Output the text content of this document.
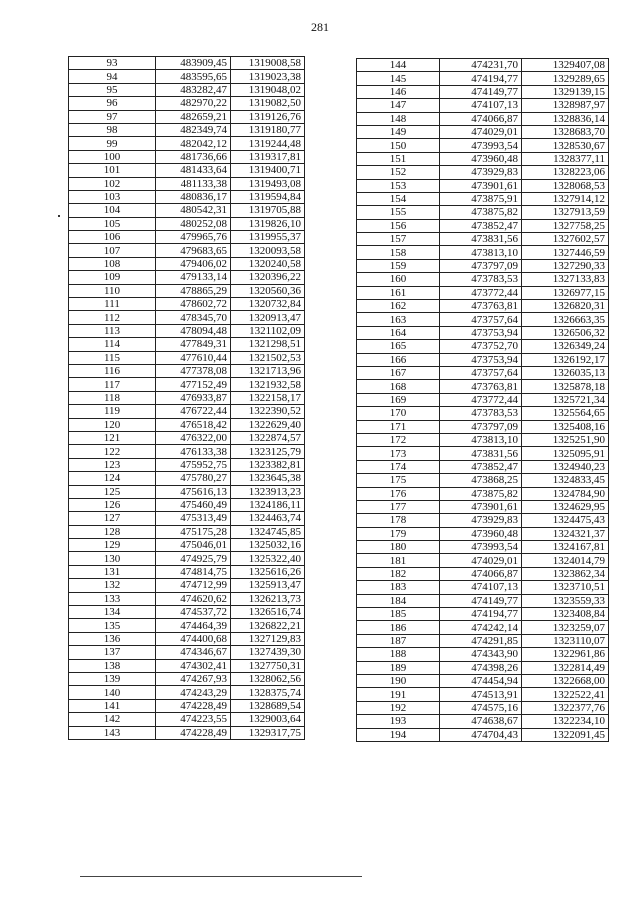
281
93	483909,45	1319008,58
94	483595,65	1319023,38
95	483282,47	1319048,02
96	482970,22	1319082,50
97	482659,21	1319126,76
98	482349,74	1319180,77
99	482042,12	1319244,48
100	481736,66	1319317,81
101	481433,64	1319400,71
102	481133,38	1319493,08
103	480836,17	1319594,84
104	480542,31	1319705,88
105	480252,08	1319826,10
106	479965,76	1319955,37
107	479683,65	1320093,58
108	479406,02	1320240,58
109	479133,14	1320396,22
110	478865,29	1320560,36
111	478602,72	1320732,84
112	478345,70	1320913,47
113	478094,48	1321102,09
114	477849,31	1321298,51
115	477610,44	1321502,53
116	477378,08	1321713,96
117	477152,49	1321932,58
118	476933,87	1322158,17
119	476722,44	1322390,52
120	476518,42	1322629,40
121	476322,00	1322874,57
122	476133,38	1323125,79
123	475952,75	1323382,81
124	475780,27	1323645,38
125	475616,13	1323913,23
126	475460,49	1324186,11
127	475313,49	1324463,74
128	475175,28	1324745,85
129	475046,01	1325032,16
130	474925,79	1325322,40
131	474814,75	1325616,26
132	474712,99	1325913,47
133	474620,62	1326213,73
134	474537,72	1326516,74
135	474464,39	1326822,21
136	474400,68	1327129,83
137	474346,67	1327439,30
138	474302,41	1327750,31
139	474267,93	1328062,56
140	474243,29	1328375,74
141	474228,49	1328689,54
142	474223,55	1329003,64
143	474228,49	1329317,75
144	474231,70	1329407,08
145	474194,77	1329289,65
146	474149,77	1329139,15
147	474107,13	1328987,97
148	474066,87	1328836,14
149	474029,01	1328683,70
150	473993,54	1328530,67
151	473960,48	1328377,11
152	473929,83	1328223,06
153	473901,61	1328068,53
154	473875,91	1327914,12
155	473875,82	1327913,59
156	473852,47	1327758,25
157	473831,56	1327602,57
158	473813,10	1327446,59
159	473797,09	1327290,33
160	473783,53	1327133,83
161	473772,44	1326977,15
162	473763,81	1326820,31
163	473757,64	1326663,35
164	473753,94	1326506,32
165	473752,70	1326349,24
166	473753,94	1326192,17
167	473757,64	1326035,13
168	473763,81	1325878,18
169	473772,44	1325721,34
170	473783,53	1325564,65
171	473797,09	1325408,16
172	473813,10	1325251,90
173	473831,56	1325095,91
174	473852,47	1324940,23
175	473868,25	1324833,45
176	473875,82	1324784,90
177	473901,61	1324629,95
178	473929,83	1324475,43
179	473960,48	1324321,37
180	473993,54	1324167,81
181	474029,01	1324014,79
182	474066,87	1323862,34
183	474107,13	1323710,51
184	474149,77	1323559,33
185	474194,77	1323408,84
186	474242,14	1323259,07
187	474291,85	1323110,07
188	474343,90	1322961,86
189	474398,26	1322814,49
190	474454,94	1322668,00
191	474513,91	1322522,41
192	474575,16	1322377,76
193	474638,67	1322234,10
194	474704,43	1322091,45
